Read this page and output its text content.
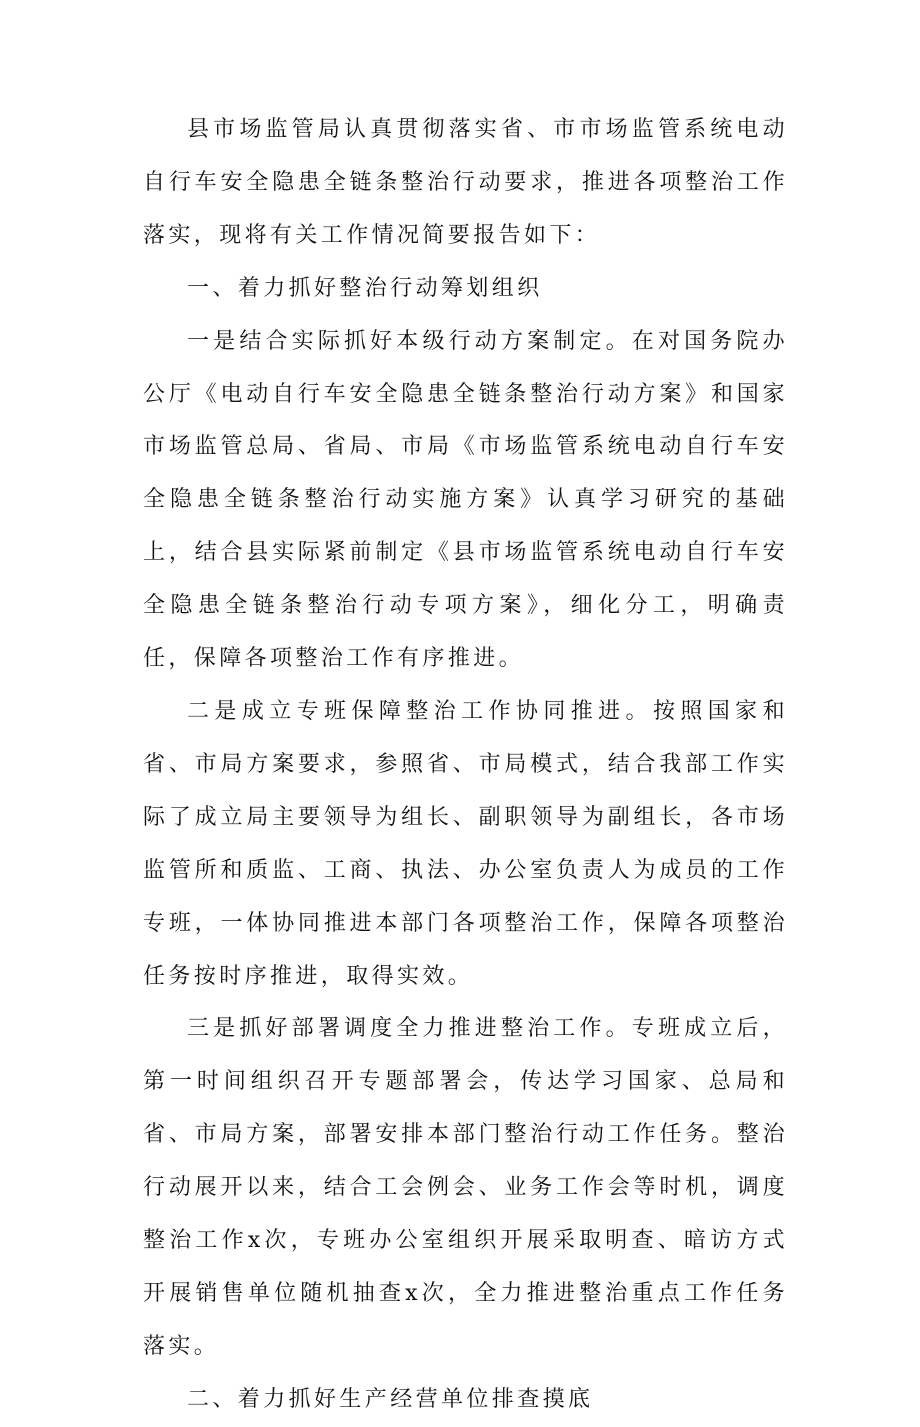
县市场监管局认真贯彻落实省、市市场监管系统电动自行车安全隐患全链条整治行动要求，推进各项整治工作落实，现将有关工作情况简要报告如下：

一、着力抓好整治行动筹划组织

一是结合实际抓好本级行动方案制定。在对国务院办公厅《电动自行车安全隐患全链条整治行动方案》和国家市场监管总局、省局、市局《市场监管系统电动自行车安全隐患全链条整治行动实施方案》认真学习研究的基础上，结合县实际紧前制定《县市场监管系统电动自行车安全隐患全链条整治行动专项方案》，细化分工，明确责任，保障各项整治工作有序推进。

二是成立专班保障整治工作协同推进。按照国家和省、市局方案要求，参照省、市局模式，结合我部工作实际了成立局主要领导为组长、副职领导为副组长，各市场监管所和质监、工商、执法、办公室负责人为成员的工作专班，一体协同推进本部门各项整治工作，保障各项整治任务按时序推进，取得实效。

三是抓好部署调度全力推进整治工作。专班成立后，第一时间组织召开专题部署会，传达学习国家、总局和省、市局方案，部署安排本部门整治行动工作任务。整治行动展开以来，结合工会例会、业务工作会等时机，调度整治工作x次，专班办公室组织开展采取明查、暗访方式开展销售单位随机抽查x次，全力推进整治重点工作任务落实。

二、着力抓好生产经营单位排查摸底
